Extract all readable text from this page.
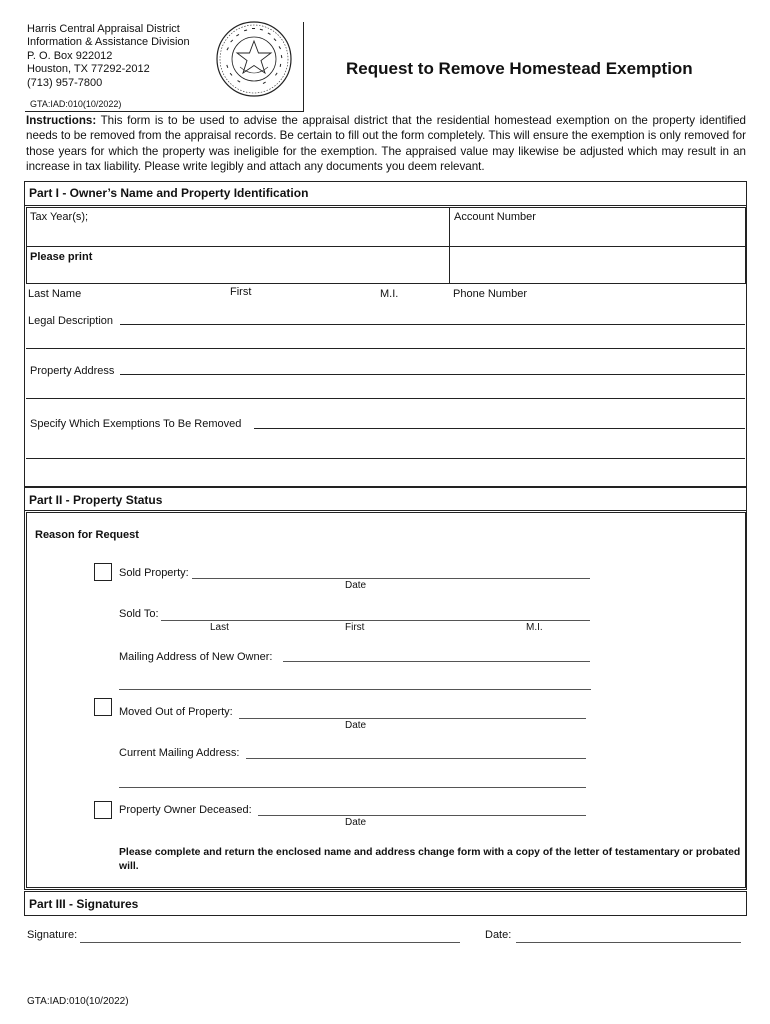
Harris Central Appraisal District
Information & Assistance Division
P. O. Box 922012
Houston, TX 77292-2012
(713) 957-7800
Request to Remove Homestead Exemption
GTA:IAD:010(10/2022)
Instructions: This form is to be used to advise the appraisal district that the residential homestead exemption on the property identified needs to be removed from the appraisal records. Be certain to fill out the form completely. This will ensure the exemption is only removed for those years for which the property was ineligible for the exemption. The appraised value may likewise be adjusted which may result in an increase in tax liability. Please write legibly and attach any documents you deem relevant.
Part I - Owner’s Name and Property Identification
Tax Year(s);	Account Number
Please print
Last Name	First	M.I.	Phone Number
Legal Description
Property Address
Specify Which Exemptions To Be Removed
Part II - Property Status
Reason for Request
Sold Property:
Date
Sold To:
Last	First	M.I.
Mailing Address of New Owner:
Moved Out of Property:
Date
Current Mailing Address:
Property Owner Deceased:
Date
Please complete and return the enclosed name and address change form with a copy of the letter of testamentary or probated will.
Part III - Signatures
Signature:	Date:
GTA:IAD:010(10/2022)
